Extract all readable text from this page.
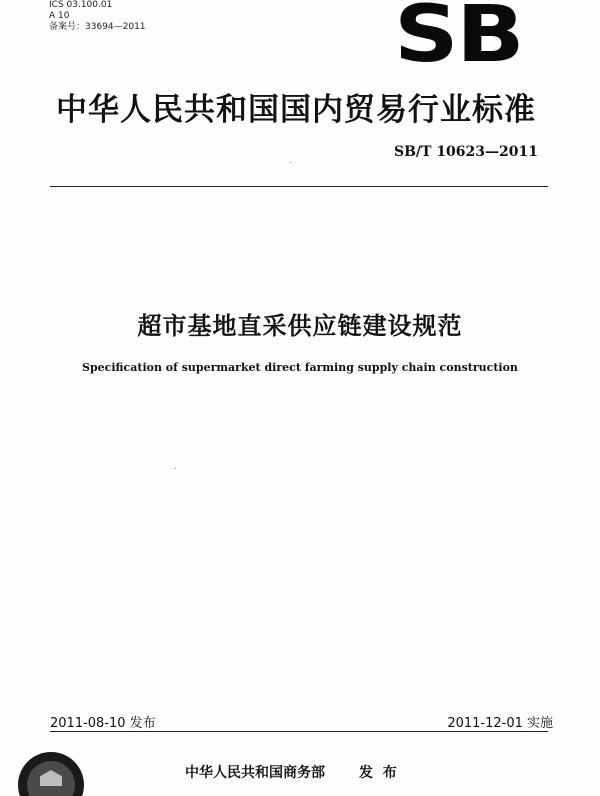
ICS 03.100.01
A 10
备案号：33694—2011	SB
中华人民共和国国内贸易行业标准
SB/T 10623—2011
超市基地直采供应链建设规范
Specification of supermarket direct farming supply chain construction
2011-08-10 发布	2011-12-01 实施
中华人民共和国商务部 发  布
